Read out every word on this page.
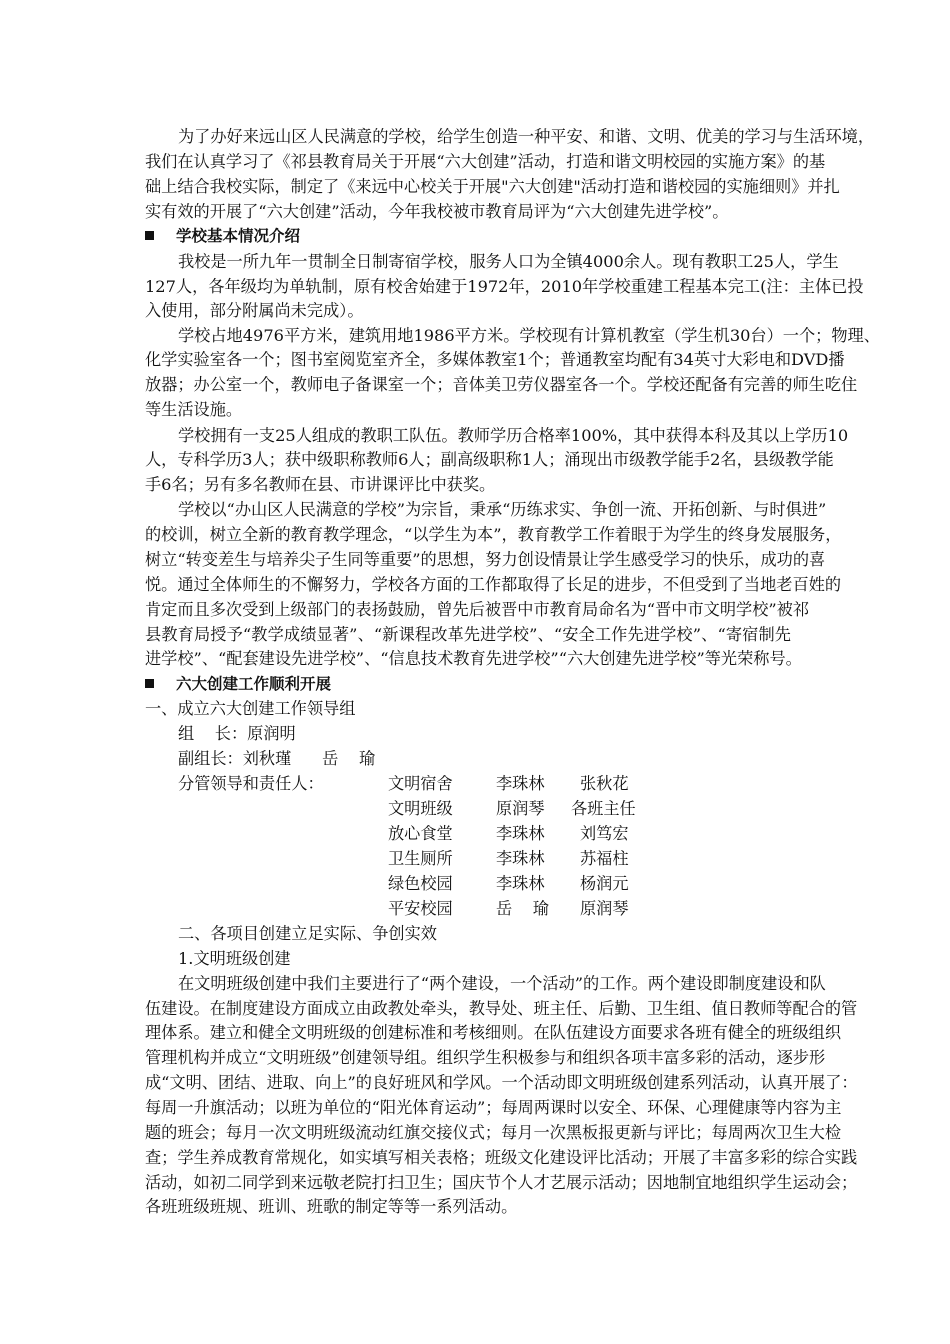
为了办好来远山区人民满意的学校，给学生创造一种平安、和谐、文明、优美的学习与生活环境，
我们在认真学习了《祁县教育局关于开展“六大创建”活动，打造和谐文明校园的实施方案》的基
础上结合我校实际，制定了《来远中心校关于开展"六大创建"活动打造和谐校园的实施细则》并扎
实有效的开展了“六大创建”活动，今年我校被市教育局评为“六大创建先进学校”。
学校基本情况介绍
我校是一所九年一贯制全日制寄宿学校，服务人口为全镇4000余人。现有教职工25人，学生
127人，各年级均为单轨制，原有校舍始建于1972年，2010年学校重建工程基本完工(注：主体已投
入使用，部分附属尚未完成）。
学校占地4976平方米，建筑用地1986平方米。学校现有计算机教室（学生机30台）一个；物理、
化学实验室各一个；图书室阅览室齐全，多媒体教室1个；普通教室均配有34英寸大彩电和DVD播
放器；办公室一个，教师电子备课室一个；音体美卫劳仪器室各一个。学校还配备有完善的师生吃住
等生活设施。
学校拥有一支25人组成的教职工队伍。教师学历合格率100%，其中获得本科及其以上学历10
人，专科学历3人；获中级职称教师6人；副高级职称1人；涌现出市级教学能手2名，县级教学能
手6名；另有多名教师在县、市讲课评比中获奖。
学校以“办山区人民满意的学校”为宗旨，秉承“历练求实、争创一流、开拓创新、与时俱进”
的校训，树立全新的教育教学理念，“以学生为本”，教育教学工作着眼于为学生的终身发展服务，
树立“转变差生与培养尖子生同等重要”的思想，努力创设情景让学生感受学习的快乐，成功的喜
悦。通过全体师生的不懈努力，学校各方面的工作都取得了长足的进步，不但受到了当地老百姓的
肯定而且多次受到上级部门的表扬鼓励，曾先后被晋中市教育局命名为“晋中市文明学校”被祁
县教育局授予“教学成绩显著”、“新课程改革先进学校”、“安全工作先进学校”、“寄宿制先
进学校”、“配套建设先进学校”、“信息技术教育先进学校”“六大创建先进学校”等光荣称号。
六大创建工作顺利开展
一、成立六大创建工作领导组
组    长：原润明
副组长：刘秋瑾      岳    瑜
分管领导和责任人：	文明宿舍	李珠林 张秋花
文明班级	原润琴 各班主任
放心食堂	李珠林 刘笃宏
卫生厕所	李珠林 苏福柱
绿色校园	李珠林 杨润元
平安校园	岳    瑜 原润琴
二、各项目创建立足实际、争创实效
1.文明班级创建
在文明班级创建中我们主要进行了“两个建设，一个活动”的工作。两个建设即制度建设和队
伍建设。在制度建设方面成立由政教处牵头，教导处、班主任、后勤、卫生组、值日教师等配合的管
理体系。建立和健全文明班级的创建标准和考核细则。在队伍建设方面要求各班有健全的班级组织
管理机构并成立“文明班级”创建领导组。组织学生积极参与和组织各项丰富多彩的活动，逐步形
成“文明、团结、进取、向上”的良好班风和学风。一个活动即文明班级创建系列活动，认真开展了：
每周一升旗活动；以班为单位的“阳光体育运动”；每周两课时以安全、环保、心理健康等内容为主
题的班会；每月一次文明班级流动红旗交接仪式；每月一次黑板报更新与评比；每周两次卫生大检
查；学生养成教育常规化，如实填写相关表格；班级文化建设评比活动；开展了丰富多彩的综合实践
活动，如初二同学到来远敬老院打扫卫生；国庆节个人才艺展示活动；因地制宜地组织学生运动会；
各班班级班规、班训、班歌的制定等等一系列活动。
